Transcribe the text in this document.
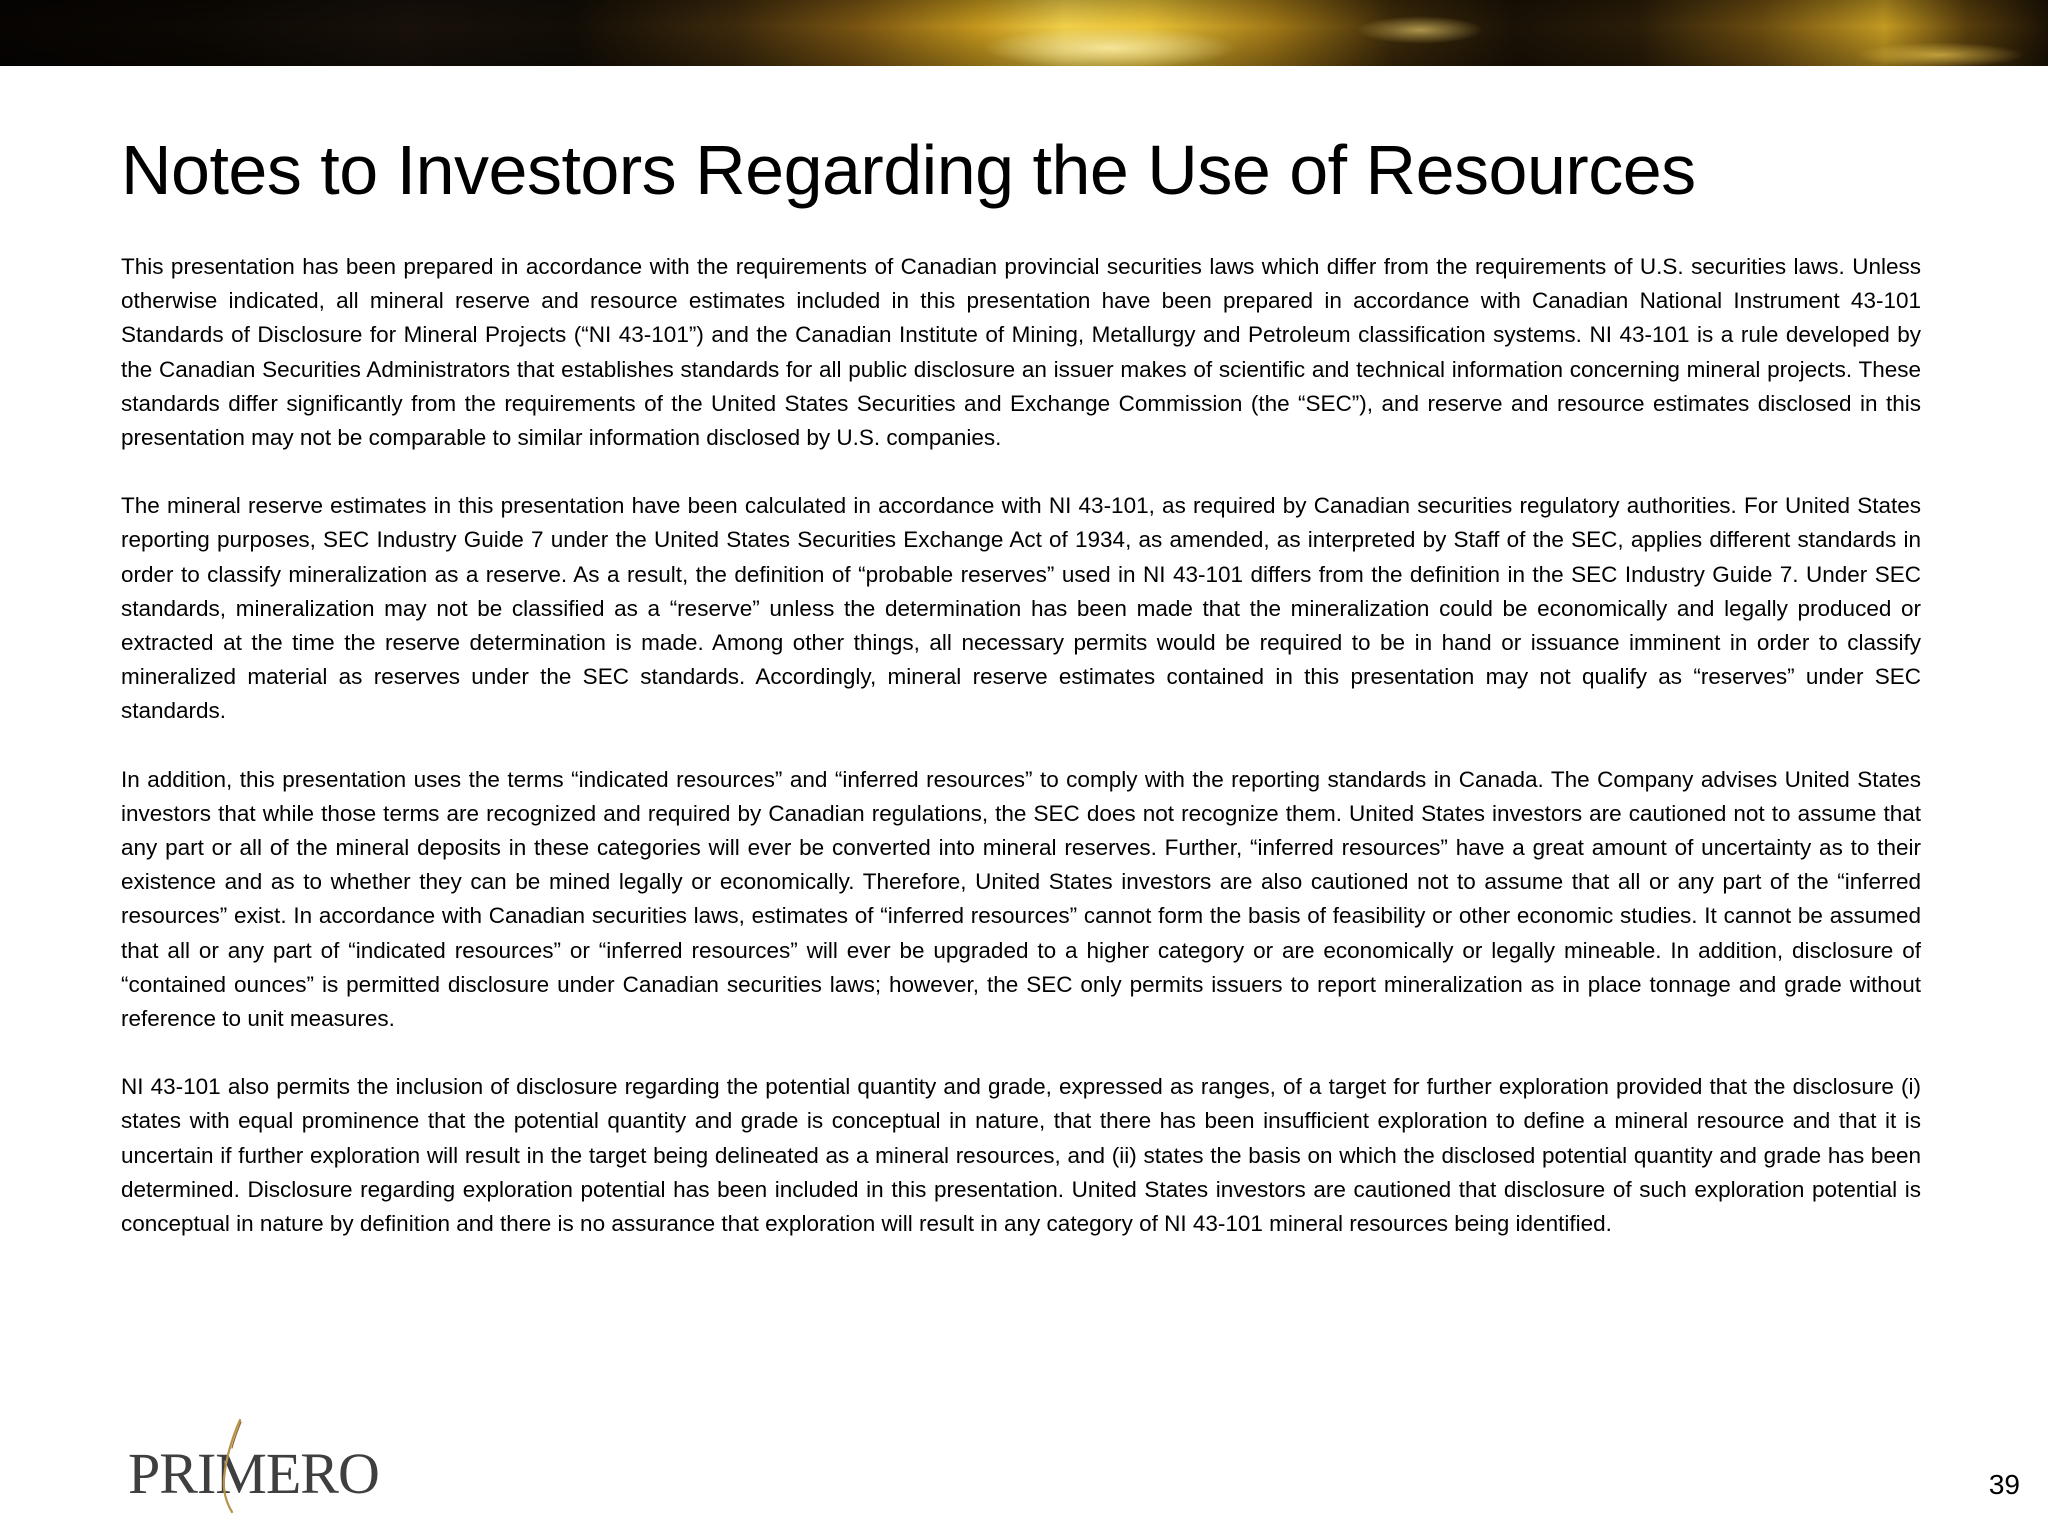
Notes to Investors Regarding the Use of Resources

This presentation has been prepared in accordance with the requirements of Canadian provincial securities laws which differ from the requirements of U.S. securities laws. Unless otherwise indicated, all mineral reserve and resource estimates included in this presentation have been prepared in accordance with Canadian National Instrument 43-101 Standards of Disclosure for Mineral Projects (“NI 43-101”) and the Canadian Institute of Mining, Metallurgy and Petroleum classification systems. NI 43-101 is a rule developed by the Canadian Securities Administrators that establishes standards for all public disclosure an issuer makes of scientific and technical information concerning mineral projects. These standards differ significantly from the requirements of the United States Securities and Exchange Commission (the “SEC”), and reserve and resource estimates disclosed in this presentation may not be comparable to similar information disclosed by U.S. companies.

The mineral reserve estimates in this presentation have been calculated in accordance with NI 43-101, as required by Canadian securities regulatory authorities. For United States reporting purposes, SEC Industry Guide 7 under the United States Securities Exchange Act of 1934, as amended, as interpreted by Staff of the SEC, applies different standards in order to classify mineralization as a reserve. As a result, the definition of “probable reserves” used in NI 43-101 differs from the definition in the SEC Industry Guide 7. Under SEC standards, mineralization may not be classified as a “reserve” unless the determination has been made that the mineralization could be economically and legally produced or extracted at the time the reserve determination is made. Among other things, all necessary permits would be required to be in hand or issuance imminent in order to classify mineralized material as reserves under the SEC standards. Accordingly, mineral reserve estimates contained in this presentation may not qualify as “reserves” under SEC standards.

In addition, this presentation uses the terms “indicated resources” and “inferred resources” to comply with the reporting standards in Canada. The Company advises United States investors that while those terms are recognized and required by Canadian regulations, the SEC does not recognize them. United States investors are cautioned not to assume that any part or all of the mineral deposits in these categories will ever be converted into mineral reserves. Further, “inferred resources” have a great amount of uncertainty as to their existence and as to whether they can be mined legally or economically. Therefore, United States investors are also cautioned not to assume that all or any part of the “inferred resources” exist. In accordance with Canadian securities laws, estimates of “inferred resources” cannot form the basis of feasibility or other economic studies. It cannot be assumed that all or any part of “indicated resources” or “inferred resources” will ever be upgraded to a higher category or are economically or legally mineable. In addition, disclosure of “contained ounces” is permitted disclosure under Canadian securities laws; however, the SEC only permits issuers to report mineralization as in place tonnage and grade without reference to unit measures.

NI 43-101 also permits the inclusion of disclosure regarding the potential quantity and grade, expressed as ranges, of a target for further exploration provided that the disclosure (i) states with equal prominence that the potential quantity and grade is conceptual in nature, that there has been insufficient exploration to define a mineral resource and that it is uncertain if further exploration will result in the target being delineated as a mineral resources, and (ii) states the basis on which the disclosed potential quantity and grade has been determined. Disclosure regarding exploration potential has been included in this presentation. United States investors are cautioned that disclosure of such exploration potential is conceptual in nature by definition and there is no assurance that exploration will result in any category of NI 43-101 mineral resources being identified.

PRIMERO	39
